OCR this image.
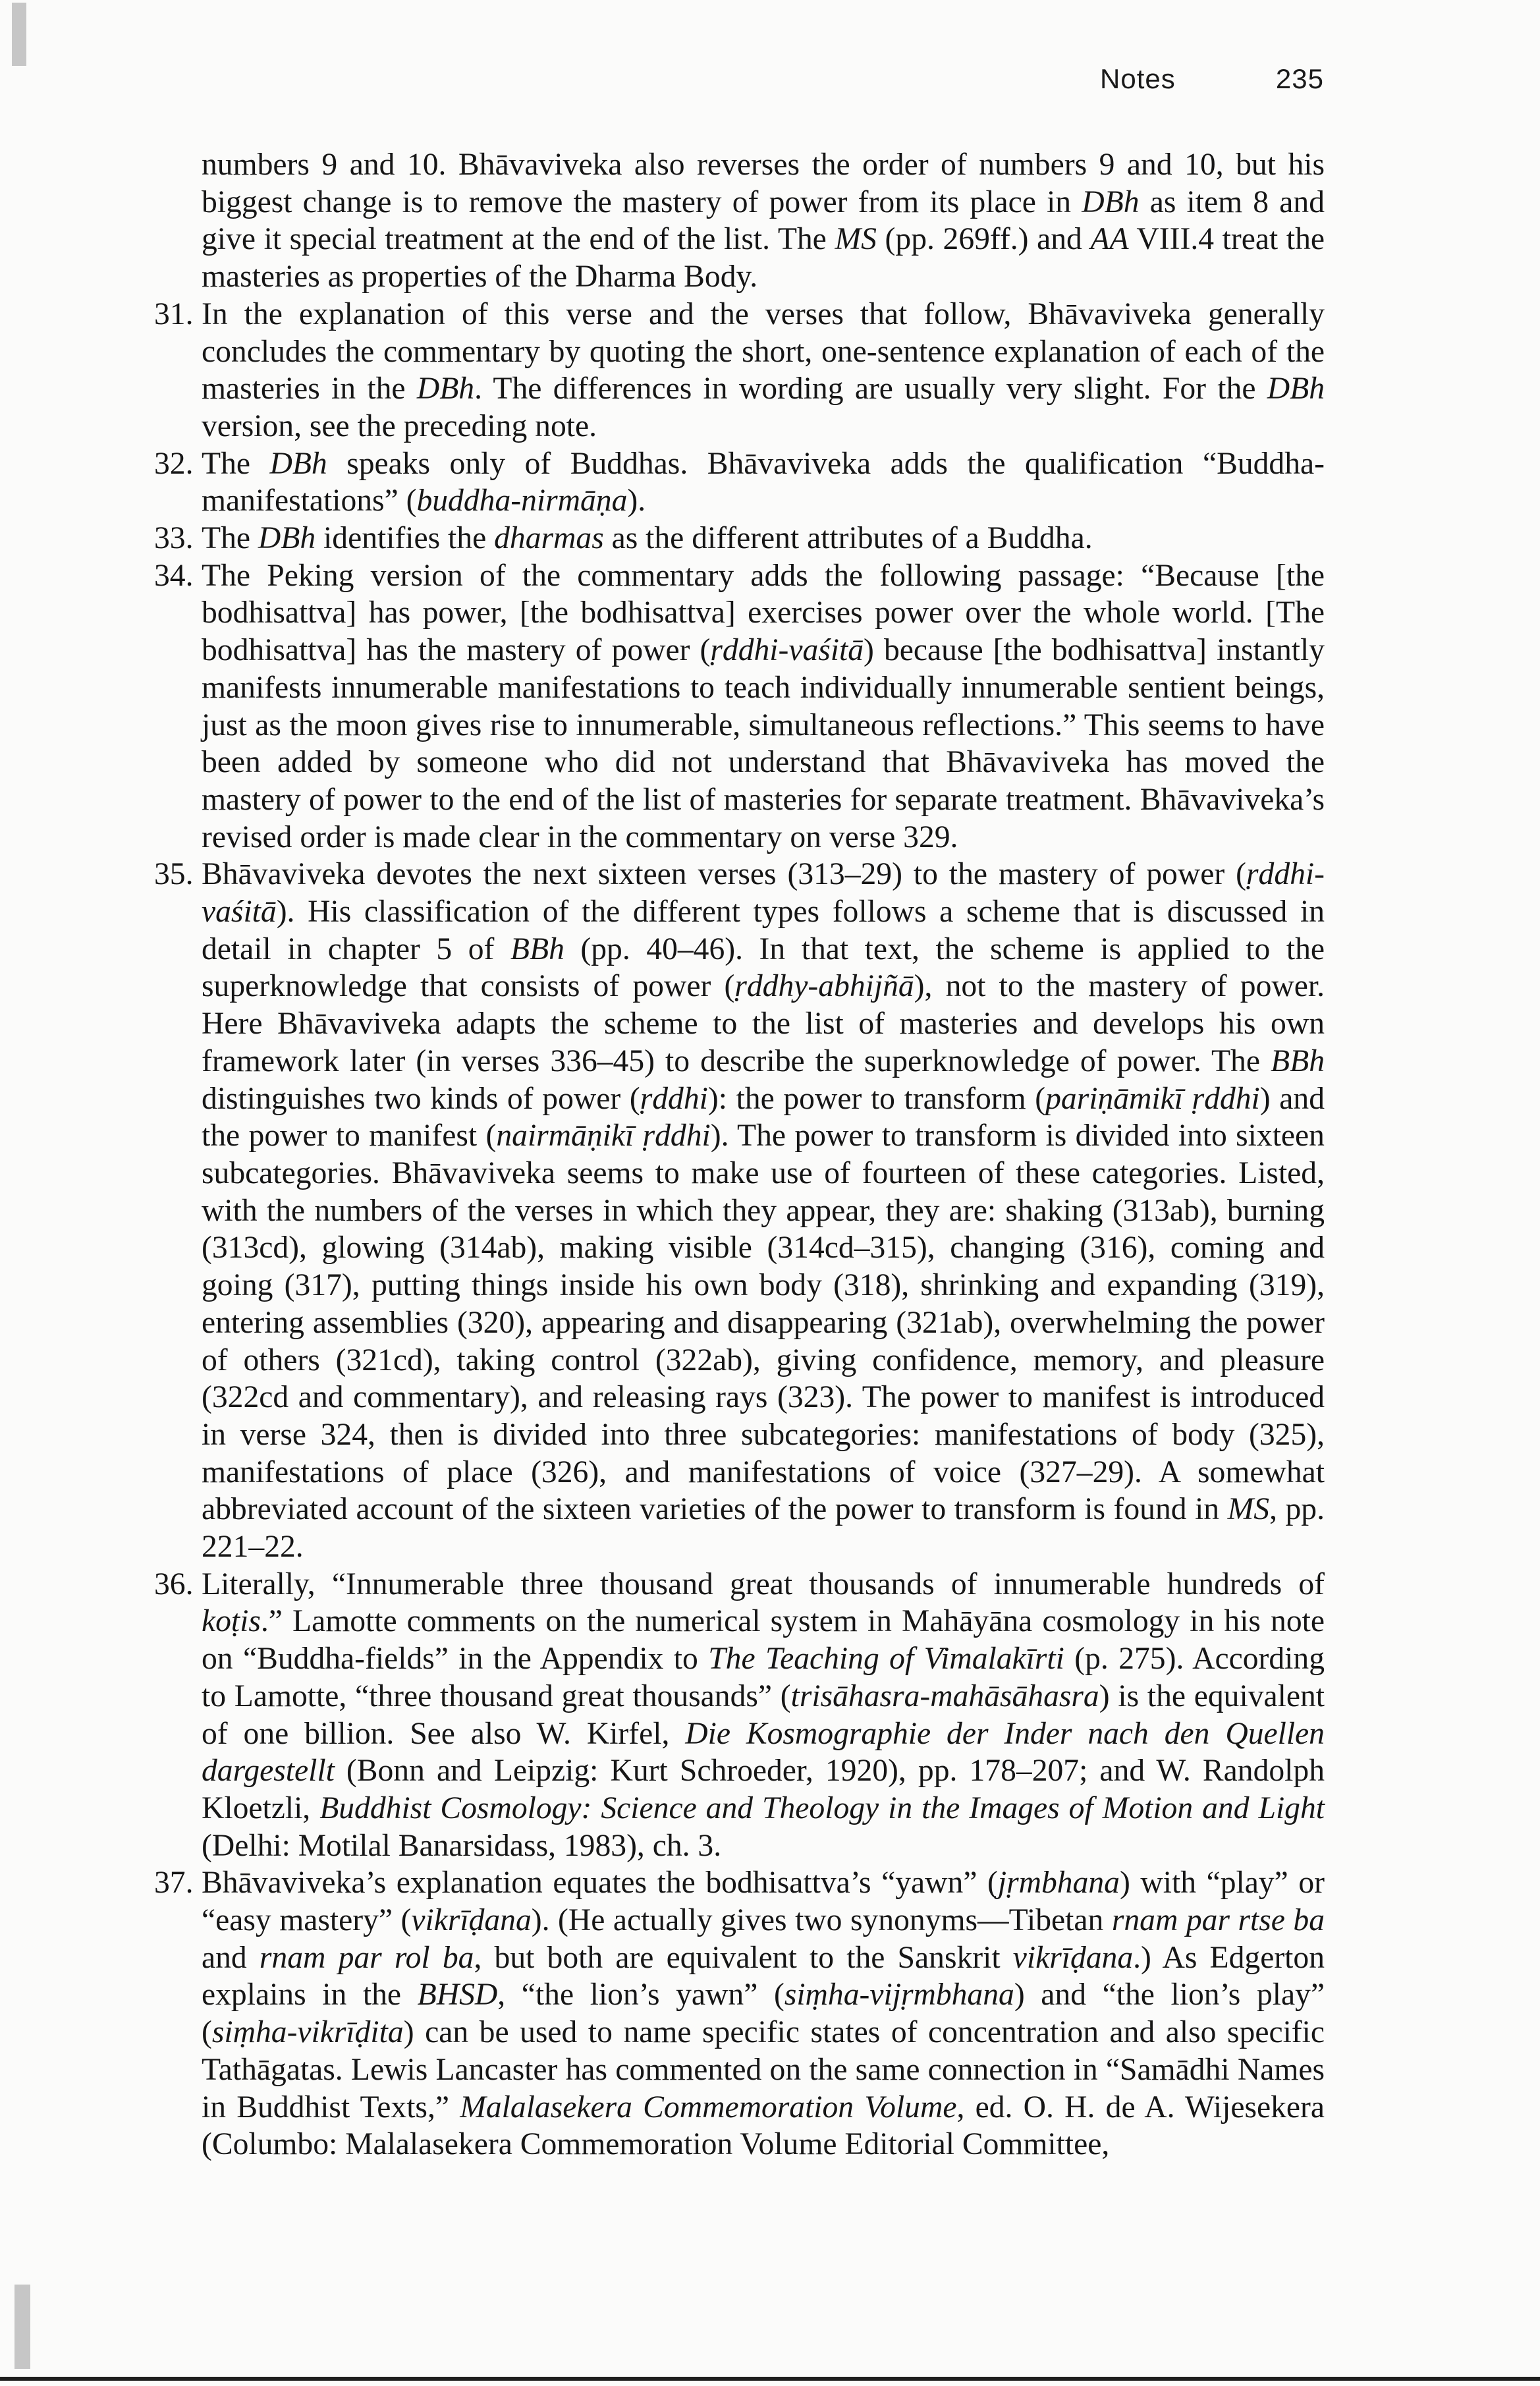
Notes	235

numbers 9 and 10. Bhāvaviveka also reverses the order of numbers 9 and 10, but his biggest change is to remove the mastery of power from its place in DBh as item 8 and give it special treatment at the end of the list. The MS (pp. 269ff.) and AA VIII.4 treat the masteries as properties of the Dharma Body.

31. In the explanation of this verse and the verses that follow, Bhāvaviveka generally concludes the commentary by quoting the short, one-sentence explanation of each of the masteries in the DBh. The differences in wording are usually very slight. For the DBh version, see the preceding note.

32. The DBh speaks only of Buddhas. Bhāvaviveka adds the qualification “Buddha-manifestations” (buddha-nirmāṇa).

33. The DBh identifies the dharmas as the different attributes of a Buddha.

34. The Peking version of the commentary adds the following passage: “Because [the bodhisattva] has power, [the bodhisattva] exercises power over the whole world. [The bodhisattva] has the mastery of power (ṛddhi-vaśitā) because [the bodhisattva] instantly manifests innumerable manifestations to teach individually innumerable sentient beings, just as the moon gives rise to innumerable, simultaneous reflections.” This seems to have been added by someone who did not understand that Bhāvaviveka has moved the mastery of power to the end of the list of masteries for separate treatment. Bhāvaviveka’s revised order is made clear in the commentary on verse 329.

35. Bhāvaviveka devotes the next sixteen verses (313–29) to the mastery of power (ṛddhi-vaśitā). His classification of the different types follows a scheme that is discussed in detail in chapter 5 of BBh (pp. 40–46). In that text, the scheme is applied to the superknowledge that consists of power (ṛddhy-abhijñā), not to the mastery of power. Here Bhāvaviveka adapts the scheme to the list of masteries and develops his own framework later (in verses 336–45) to describe the superknowledge of power. The BBh distinguishes two kinds of power (ṛddhi): the power to transform (pariṇāmikī ṛddhi) and the power to manifest (nairmāṇikī ṛddhi). The power to transform is divided into sixteen subcategories. Bhāvaviveka seems to make use of fourteen of these categories. Listed, with the numbers of the verses in which they appear, they are: shaking (313ab), burning (313cd), glowing (314ab), making visible (314cd–315), changing (316), coming and going (317), putting things inside his own body (318), shrinking and expanding (319), entering assemblies (320), appearing and disappearing (321ab), overwhelming the power of others (321cd), taking control (322ab), giving confidence, memory, and pleasure (322cd and commentary), and releasing rays (323). The power to manifest is introduced in verse 324, then is divided into three subcategories: manifestations of body (325), manifestations of place (326), and manifestations of voice (327–29). A somewhat abbreviated account of the sixteen varieties of the power to transform is found in MS, pp. 221–22.

36. Literally, “Innumerable three thousand great thousands of innumerable hundreds of koṭis.” Lamotte comments on the numerical system in Mahāyāna cosmology in his note on “Buddha-fields” in the Appendix to The Teaching of Vimalakīrti (p. 275). According to Lamotte, “three thousand great thousands” (trisāhasra-mahāsāhasra) is the equivalent of one billion. See also W. Kirfel, Die Kosmographie der Inder nach den Quellen dargestellt (Bonn and Leipzig: Kurt Schroeder, 1920), pp. 178–207; and W. Randolph Kloetzli, Buddhist Cosmology: Science and Theology in the Images of Motion and Light (Delhi: Motilal Banarsidass, 1983), ch. 3.

37. Bhāvaviveka’s explanation equates the bodhisattva’s “yawn” (jṛmbhana) with “play” or “easy mastery” (vikrīḍana). (He actually gives two synonyms—Tibetan rnam par rtse ba and rnam par rol ba, but both are equivalent to the Sanskrit vikrīḍana.) As Edgerton explains in the BHSD, “the lion’s yawn” (siṃha-vijṛmbhana) and “the lion’s play” (siṃha-vikrīḍita) can be used to name specific states of concentration and also specific Tathāgatas. Lewis Lancaster has commented on the same connection in “Samādhi Names in Buddhist Texts,” Malalasekera Commemoration Volume, ed. O. H. de A. Wijesekera (Columbo: Malalasekera Commemoration Volume Editorial Committee,
